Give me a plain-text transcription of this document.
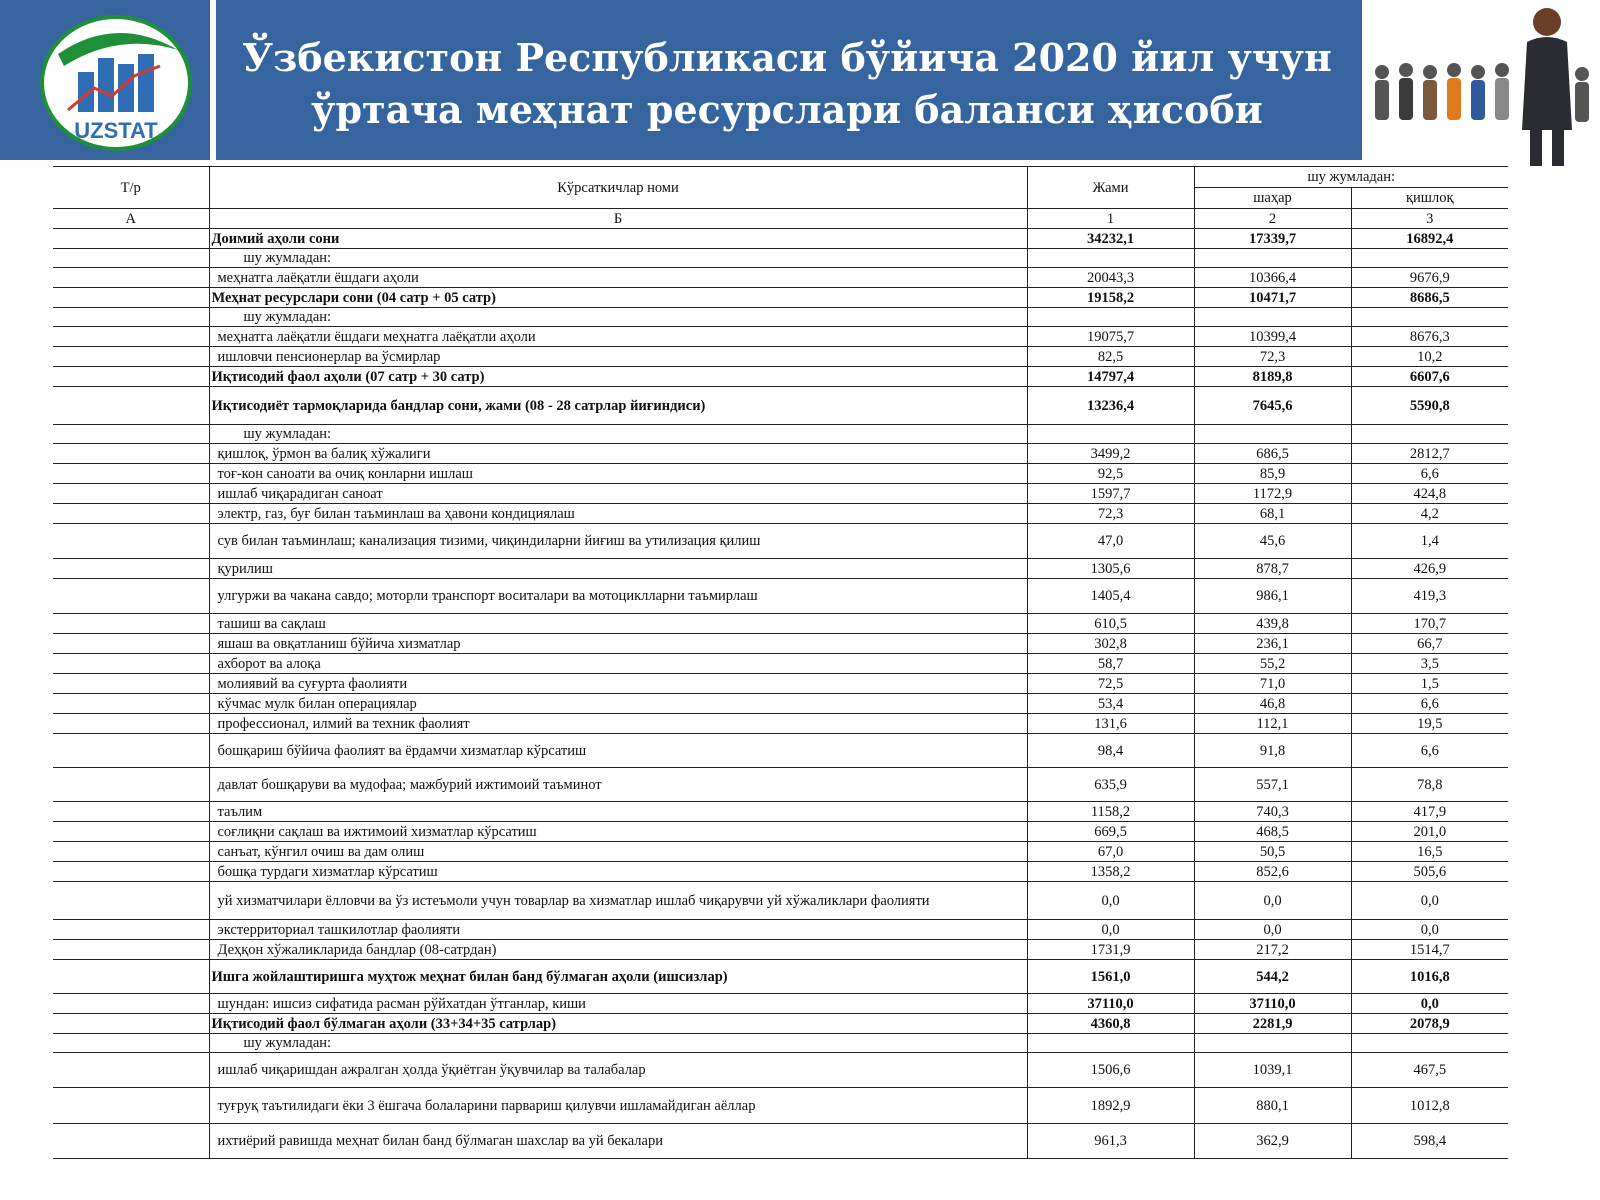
UZSTAT
Ўзбекистон Республикаси бўйича 2020 йил учун
ўртача меҳнат ресурслари баланси ҳисоби
Т/р	Кўрсаткичлар номи	Жами	шу жумладан:	
			шаҳар	қишлоқ
А	Б	1	2	3
	Доимий аҳоли сони	34232,1	17339,7	16892,4
	шу жумладан:			
	меҳнатга лаёқатли ёшдаги аҳоли	20043,3	10366,4	9676,9
	Меҳнат ресурслари сони (04 сатр + 05 сатр)	19158,2	10471,7	8686,5
	шу жумладан:			
	меҳнатга лаёқатли ёшдаги меҳнатга лаёқатли аҳоли	19075,7	10399,4	8676,3
	ишловчи пенсионерлар ва ўсмирлар	82,5	72,3	10,2
	Иқтисодий фаол аҳоли (07 сатр + 30 сатр)	14797,4	8189,8	6607,6
	Иқтисодиёт тармоқларида бандлар сони, жами (08 - 28 сатрлар йиғиндиси)	13236,4	7645,6	5590,8
	шу жумладан:			
	қишлоқ, ўрмон ва балиқ хўжалиги	3499,2	686,5	2812,7
	тоғ-кон саноати ва очиқ конларни ишлаш	92,5	85,9	6,6
	ишлаб чиқарадиган саноат	1597,7	1172,9	424,8
	электр, газ, буғ билан таъминлаш ва ҳавони кондициялаш	72,3	68,1	4,2
	сув билан таъминлаш; канализация тизими, чиқиндиларни йиғиш ва утилизация қилиш	47,0	45,6	1,4
	қурилиш	1305,6	878,7	426,9
	улгуржи ва чакана савдо; моторли транспорт воситалари ва мотоциклларни таъмирлаш	1405,4	986,1	419,3
	ташиш ва сақлаш	610,5	439,8	170,7
	яшаш ва овқатланиш бўйича хизматлар	302,8	236,1	66,7
	ахборот ва алоқа	58,7	55,2	3,5
	молиявий ва суғурта фаолияти	72,5	71,0	1,5
	кўчмас мулк билан операциялар	53,4	46,8	6,6
	профессионал, илмий ва техник фаолият	131,6	112,1	19,5
	бошқариш бўйича фаолият ва ёрдамчи хизматлар кўрсатиш	98,4	91,8	6,6
	давлат бошқаруви ва мудофаа; мажбурий ижтимоий таъминот	635,9	557,1	78,8
	таълим	1158,2	740,3	417,9
	соғлиқни сақлаш ва ижтимоий хизматлар кўрсатиш	669,5	468,5	201,0
	санъат, кўнгил очиш ва дам олиш	67,0	50,5	16,5
	бошқа турдаги хизматлар кўрсатиш	1358,2	852,6	505,6
	уй хизматчилари ёлловчи ва ўз истеъмоли учун товарлар ва хизматлар ишлаб чиқарувчи уй хўжаликлари фаолияти	0,0	0,0	0,0
	экстерриториал ташкилотлар фаолияти	0,0	0,0	0,0
	Деҳқон хўжаликларида бандлар (08-сатрдан)	1731,9	217,2	1514,7
	Ишга жойлаштиришга муҳтож меҳнат билан банд бўлмаган аҳоли (ишсизлар)	1561,0	544,2	1016,8
	шундан: ишсиз сифатида расман рўйхатдан ўтганлар, киши	37110,0	37110,0	0,0
	Иқтисодий фаол бўлмаган аҳоли (33+34+35 сатрлар)	4360,8	2281,9	2078,9
	шу жумладан:			
	ишлаб чиқаришдан ажралган ҳолда ўқиётган ўқувчилар ва талабалар	1506,6	1039,1	467,5
	туғруқ таътилидаги ёки 3 ёшгача болаларини парвариш қилувчи ишламайдиган аёллар	1892,9	880,1	1012,8
	ихтиёрий равишда меҳнат билан банд бўлмаган шахслар ва уй бекалари	961,3	362,9	598,4
